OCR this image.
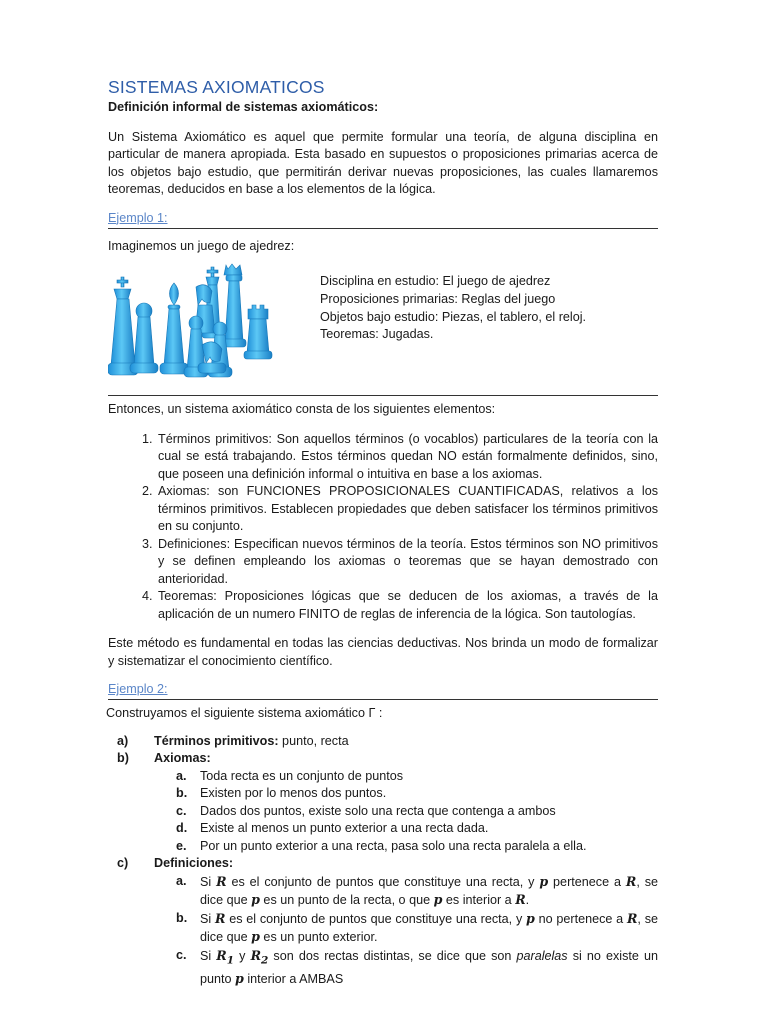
SISTEMAS AXIOMATICOS
Definición informal de sistemas axiomáticos:

Un Sistema Axiomático es aquel que permite formular una teoría, de alguna disciplina en particular de manera apropiada. Esta basado en supuestos o proposiciones primarias acerca de los objetos bajo estudio, que permitirán derivar nuevas proposiciones, las cuales llamaremos teoremas, deducidos en base a los elementos de la lógica.

Ejemplo 1:
Imaginemos un juego de ajedrez:
Disciplina en estudio: El juego de ajedrez
Proposiciones primarias: Reglas del juego
Objetos bajo estudio: Piezas, el tablero, el reloj.
Teoremas: Jugadas.
Entonces, un sistema axiomático consta de los siguientes elementos:
1. Términos primitivos: Son aquellos términos (o vocablos) particulares de la teoría con la cual se está trabajando. Estos términos quedan NO están formalmente definidos, sino, que poseen una definición informal o intuitiva en base a los axiomas.
2. Axiomas: son FUNCIONES PROPOSICIONALES CUANTIFICADAS, relativos a los términos primitivos. Establecen propiedades que deben satisfacer los términos primitivos en su conjunto.
3. Definiciones: Especifican nuevos términos de la teoría. Estos términos son NO primitivos y se definen empleando los axiomas o teoremas que se hayan demostrado con anterioridad.
4. Teoremas: Proposiciones lógicas que se deducen de los axiomas, a través de la aplicación de un numero FINITO de reglas de inferencia de la lógica. Son tautologías.

Este método es fundamental en todas las ciencias deductivas. Nos brinda un modo de formalizar y sistematizar el conocimiento científico.

Ejemplo 2:
Construyamos el siguiente sistema axiomático Γ :
a) Términos primitivos: punto, recta
b) Axiomas:
a. Toda recta es un conjunto de puntos
b. Existen por lo menos dos puntos.
c. Dados dos puntos, existe solo una recta que contenga a ambos
d. Existe al menos un punto exterior a una recta dada.
e. Por un punto exterior a una recta, pasa solo una recta paralela a ella.
c) Definiciones:
a. Si R es el conjunto de puntos que constituye una recta, y p pertenece a R, se dice que p es un punto de la recta, o que p es interior a R.
b. Si R es el conjunto de puntos que constituye una recta, y p no pertenece a R, se dice que p es un punto exterior.
c. Si $R_1$ y $R_2$ son dos rectas distintas, se dice que son paralelas si no existe un punto p interior a AMBAS
